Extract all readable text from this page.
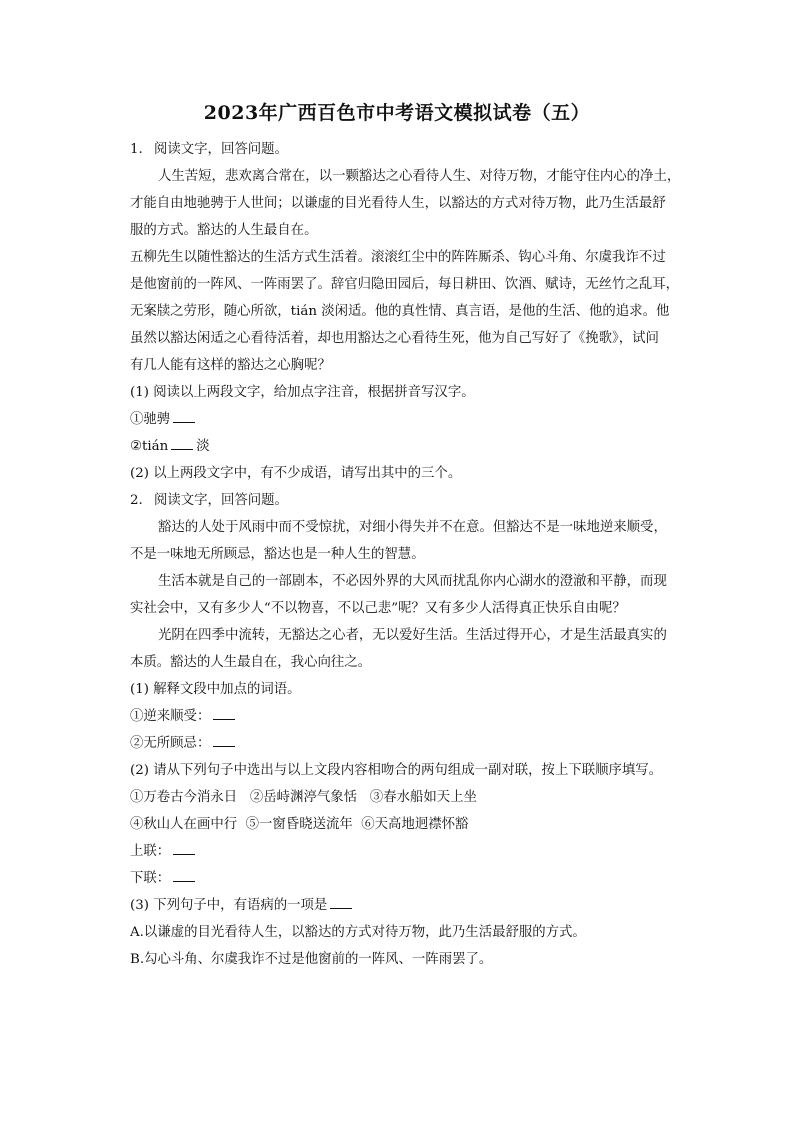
2023年广西百色市中考语文模拟试卷（五）
1. 阅读文字，回答问题。
人生苦短，悲欢离合常在，以一颗豁达之心看待人生、对待万物，才能守住内心的净土，
才能自由地驰骋于人世间；以谦虚的目光看待人生，以豁达的方式对待万物，此乃生活最舒
服的方式。豁达的人生最自在。
五柳先生以随性豁达的生活方式生活着。滚滚红尘中的阵阵厮杀、钩心斗角、尔虞我诈不过
是他窗前的一阵风、一阵雨罢了。辞官归隐田园后，每日耕田、饮酒、赋诗，无丝竹之乱耳，
无案牍之劳形，随心所欲，tián 淡闲适。他的真性情、真言语，是他的生活、他的追求。他
虽然以豁达闲适之心看待活着，却也用豁达之心看待生死，他为自己写好了《挽歌》，试问
有几人能有这样的豁达之心胸呢？
(1) 阅读以上两段文字，给加点字注音，根据拼音写汉字。
①驰骋
②tián 淡
(2) 以上两段文字中，有不少成语，请写出其中的三个。
2. 阅读文字，回答问题。
豁达的人处于风雨中而不受惊扰，对细小得失并不在意。但豁达不是一味地逆来顺受，
不是一味地无所顾忌，豁达也是一种人生的智慧。
生活本就是自己的一部剧本，不必因外界的大风而扰乱你内心湖水的澄澈和平静，而现
实社会中，又有多少人“不以物喜，不以己悲”呢？又有多少人活得真正快乐自由呢？
光阴在四季中流转，无豁达之心者，无以爱好生活。生活过得开心，才是生活最真实的
本质。豁达的人生最自在，我心向往之。
(1) 解释文段中加点的词语。
①逆来顺受：
②无所顾忌：
(2) 请从下列句子中选出与以上文段内容相吻合的两句组成一副对联，按上下联顺序填写。
①万卷古今消永日   ②岳峙渊渟气象恬   ③春水船如天上坐
④秋山人在画中行  ⑤一窗昏晓送流年  ⑥天高地迥襟怀豁
上联：
下联：
(3) 下列句子中，有语病的一项是
A.以谦虚的目光看待人生，以豁达的方式对待万物，此乃生活最舒服的方式。
B.勾心斗角、尔虞我诈不过是他窗前的一阵风、一阵雨罢了。
